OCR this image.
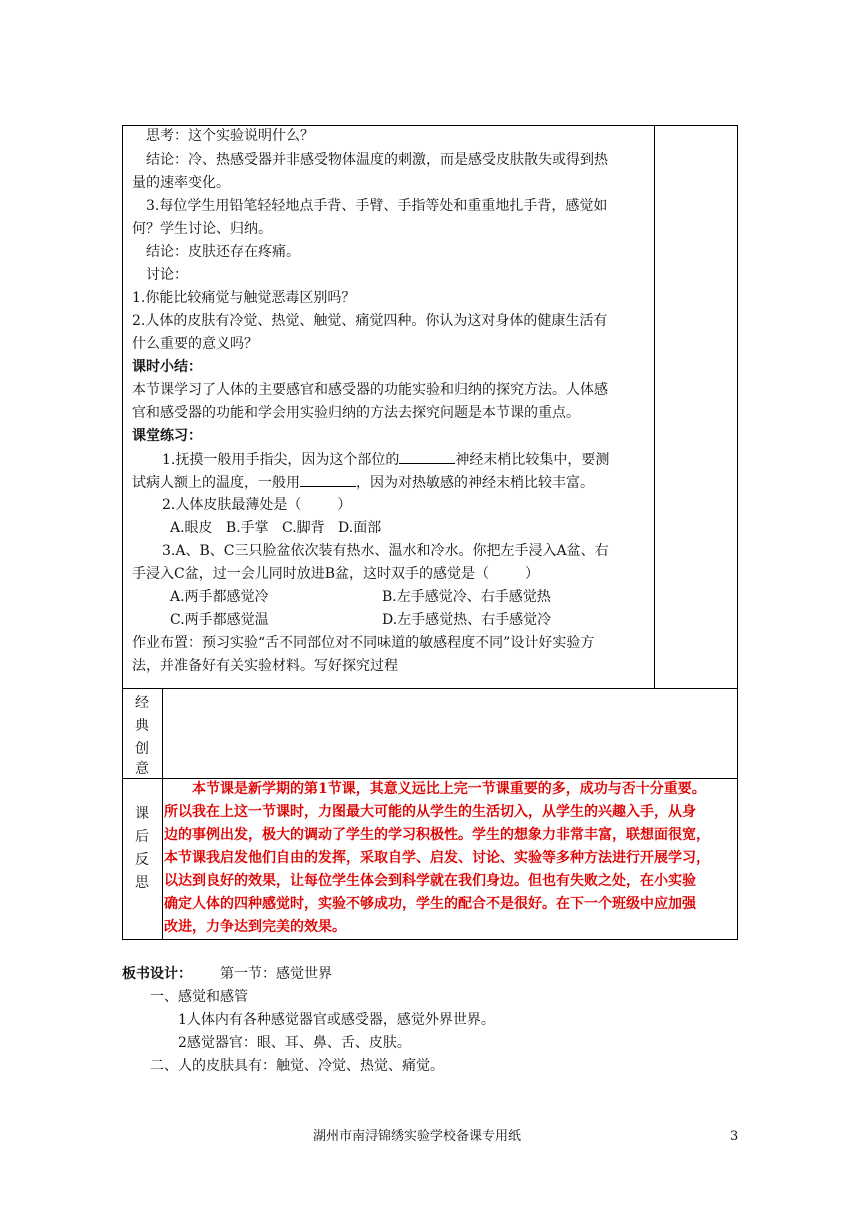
思考：这个实验说明什么？
结论：冷、热感受器并非感受物体温度的刺激，而是感受皮肤散失或得到热
量的速率变化。
3.每位学生用铅笔轻轻地点手背、手臂、手指等处和重重地扎手背，感觉如
何？学生讨论、归纳。
结论：皮肤还存在疼痛。
讨论：
1.你能比较痛觉与触觉恶毒区别吗？
2.人体的皮肤有冷觉、热觉、触觉、痛觉四种。你认为这对身体的健康生活有
什么重要的意义吗？
课时小结：
本节课学习了人体的主要感官和感受器的功能实验和归纳的探究方法。人体感
官和感受器的功能和学会用实验归纳的方法去探究问题是本节课的重点。
课堂练习：
1.抚摸一般用手指尖，因为这个部位的	神经末梢比较集中，要测
试病人额上的温度，一般用	，因为对热敏感的神经末梢比较丰富。
2.人体皮肤最薄处是（	）
A.眼皮   B.手掌   C.脚背   D.面部
3.A、B、C三只脸盆依次装有热水、温水和冷水。你把左手浸入A盆、右
手浸入C盆，过一会儿同时放进B盆，这时双手的感觉是（	）
A.两手都感觉冷	B.左手感觉冷、右手感觉热
C.两手都感觉温	D.左手感觉热、右手感觉冷
作业布置：预习实验“舌不同部位对不同味道的敏感程度不同”设计好实验方
法，并准备好有关实验材料。写好探究过程
经
典
创
意
课
后
反
思
本节课是新学期的第1节课，其意义远比上完一节课重要的多，成功与否十分重要。
所以我在上这一节课时，力图最大可能的从学生的生活切入，从学生的兴趣入手，从身
边的事例出发，极大的调动了学生的学习积极性。学生的想象力非常丰富，联想面很宽，
本节课我启发他们自由的发挥，采取自学、启发、讨论、实验等多种方法进行开展学习，
以达到良好的效果，让每位学生体会到科学就在我们身边。但也有失败之处，在小实验
确定人体的四种感觉时，实验不够成功，学生的配合不是很好。在下一个班级中应加强
改进，力争达到完美的效果。
板书设计： 第一节：感觉世界
一、感觉和感管
1人体内有各种感觉器官或感受器，感觉外界世界。
2感觉器官：眼、耳、鼻、舌、皮肤。
二、人的皮肤具有：触觉、冷觉、热觉、痛觉。
湖州市南浔锦绣实验学校备课专用纸	3
